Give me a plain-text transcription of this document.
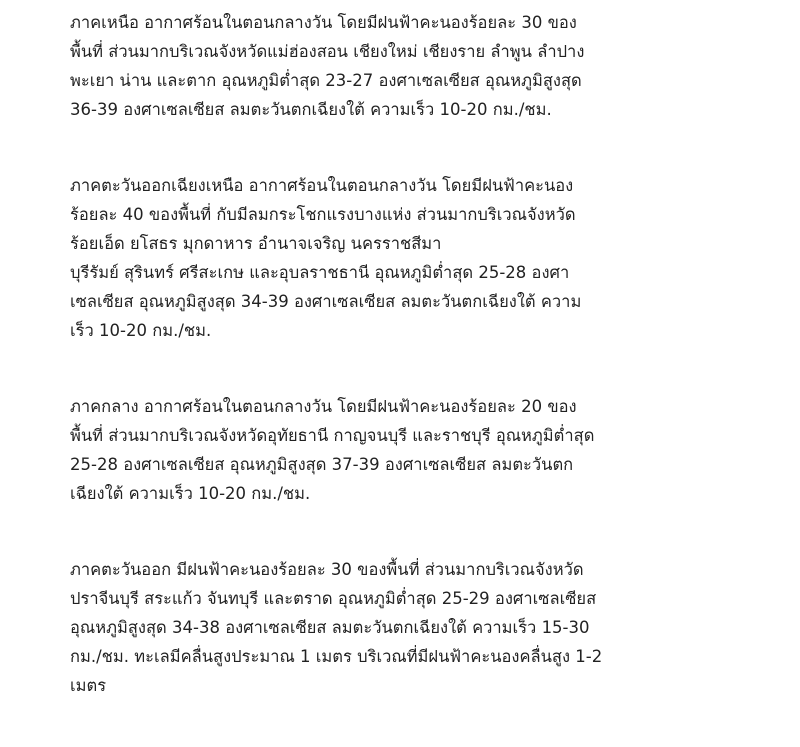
ภาคเหนือ อากาศร้อนในตอนกลางวัน โดยมีฝนฟ้าคะนองร้อยละ 30 ของ
พื้นที่ ส่วนมากบริเวณจังหวัดแม่ฮ่องสอน เชียงใหม่ เชียงราย ลำพูน ลำปาง
พะเยา น่าน และตาก อุณหภูมิต่ำสุด 23-27 องศาเซลเซียส อุณหภูมิสูงสุด
36-39 องศาเซลเซียส ลมตะวันตกเฉียงใต้ ความเร็ว 10-20 กม./ชม.

ภาคตะวันออกเฉียงเหนือ อากาศร้อนในตอนกลางวัน โดยมีฝนฟ้าคะนอง
ร้อยละ 40 ของพื้นที่ กับมีลมกระโชกแรงบางแห่ง ส่วนมากบริเวณจังหวัด
ร้อยเอ็ด ยโสธร มุกดาหาร อำนาจเจริญ นครราชสีมา
บุรีรัมย์ สุรินทร์ ศรีสะเกษ และอุบลราชธานี อุณหภูมิต่ำสุด 25-28 องศา
เซลเซียส อุณหภูมิสูงสุด 34-39 องศาเซลเซียส ลมตะวันตกเฉียงใต้ ความ
เร็ว 10-20 กม./ชม.

ภาคกลาง อากาศร้อนในตอนกลางวัน โดยมีฝนฟ้าคะนองร้อยละ 20 ของ
พื้นที่ ส่วนมากบริเวณจังหวัดอุทัยธานี กาญจนบุรี และราชบุรี อุณหภูมิต่ำสุด
25-28 องศาเซลเซียส อุณหภูมิสูงสุด 37-39 องศาเซลเซียส ลมตะวันตก
เฉียงใต้ ความเร็ว 10-20 กม./ชม.

ภาคตะวันออก มีฝนฟ้าคะนองร้อยละ 30 ของพื้นที่ ส่วนมากบริเวณจังหวัด
ปราจีนบุรี สระแก้ว จันทบุรี และตราด อุณหภูมิต่ำสุด 25-29 องศาเซลเซียส
อุณหภูมิสูงสุด 34-38 องศาเซลเซียส ลมตะวันตกเฉียงใต้ ความเร็ว 15-30
กม./ชม. ทะเลมีคลื่นสูงประมาณ 1 เมตร บริเวณที่มีฝนฟ้าคะนองคลื่นสูง 1-2
เมตร
